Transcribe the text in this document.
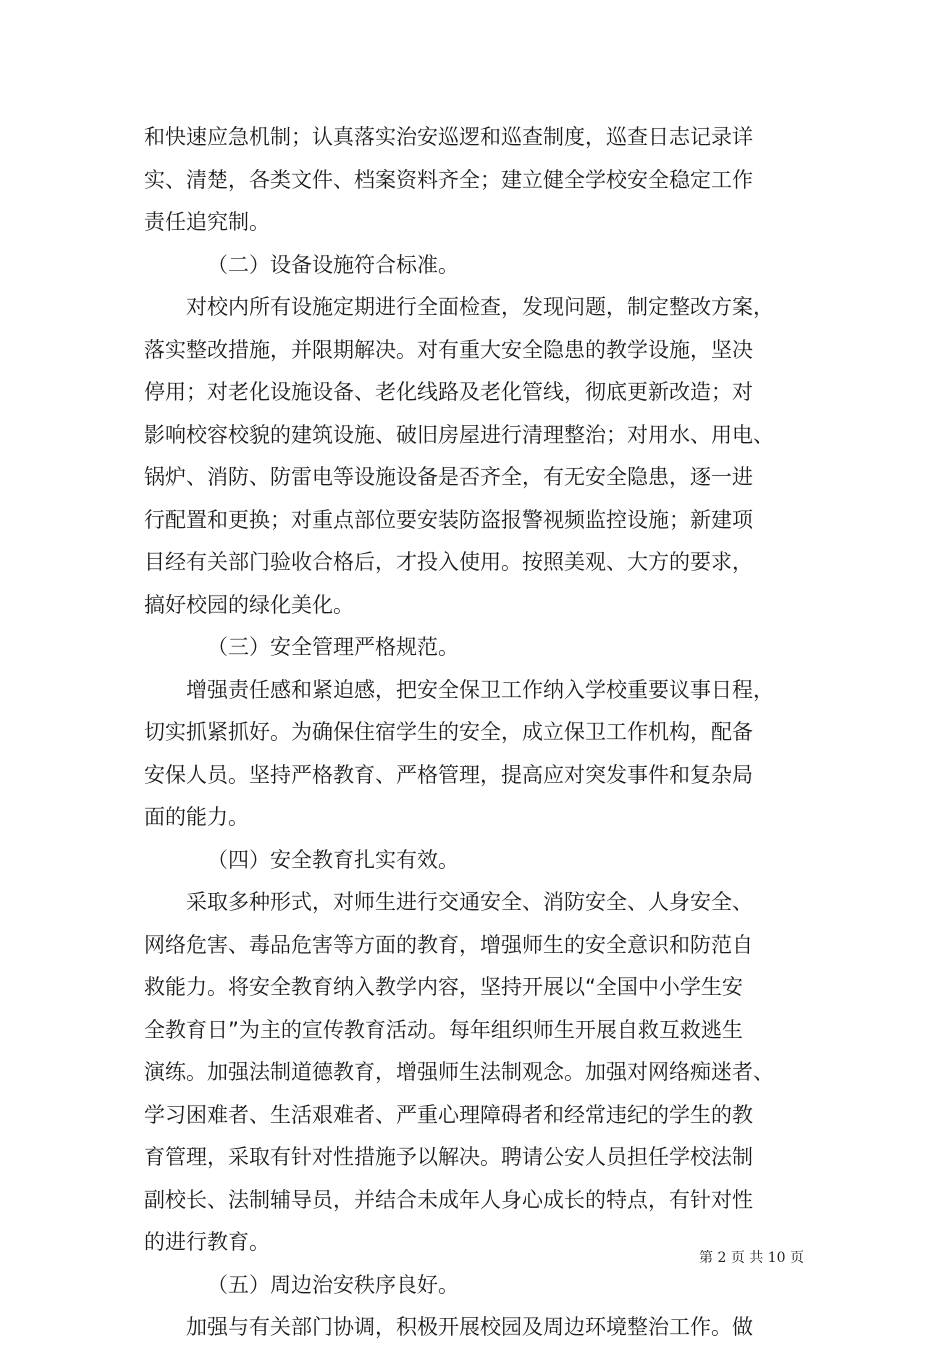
和快速应急机制；认真落实治安巡逻和巡查制度，巡查日志记录详
实、清楚，各类文件、档案资料齐全；建立健全学校安全稳定工作
责任追究制。
（二）设备设施符合标准。
对校内所有设施定期进行全面检查，发现问题，制定整改方案，
落实整改措施，并限期解决。对有重大安全隐患的教学设施，坚决
停用；对老化设施设备、老化线路及老化管线，彻底更新改造；对
影响校容校貌的建筑设施、破旧房屋进行清理整治；对用水、用电、
锅炉、消防、防雷电等设施设备是否齐全，有无安全隐患，逐一进
行配置和更换；对重点部位要安装防盗报警视频监控设施；新建项
目经有关部门验收合格后，才投入使用。按照美观、大方的要求，
搞好校园的绿化美化。
（三）安全管理严格规范。
增强责任感和紧迫感，把安全保卫工作纳入学校重要议事日程，
切实抓紧抓好。为确保住宿学生的安全，成立保卫工作机构，配备
安保人员。坚持严格教育、严格管理，提高应对突发事件和复杂局
面的能力。
（四）安全教育扎实有效。
采取多种形式，对师生进行交通安全、消防安全、人身安全、
网络危害、毒品危害等方面的教育，增强师生的安全意识和防范自
救能力。将安全教育纳入教学内容，坚持开展以“全国中小学生安
全教育日”为主的宣传教育活动。每年组织师生开展自救互救逃生
演练。加强法制道德教育，增强师生法制观念。加强对网络痴迷者、
学习困难者、生活艰难者、严重心理障碍者和经常违纪的学生的教
育管理，采取有针对性措施予以解决。聘请公安人员担任学校法制
副校长、法制辅导员，并结合未成年人身心成长的特点，有针对性
的进行教育。
（五）周边治安秩序良好。
加强与有关部门协调，积极开展校园及周边环境整治工作。做
第 2 页 共 10 页
